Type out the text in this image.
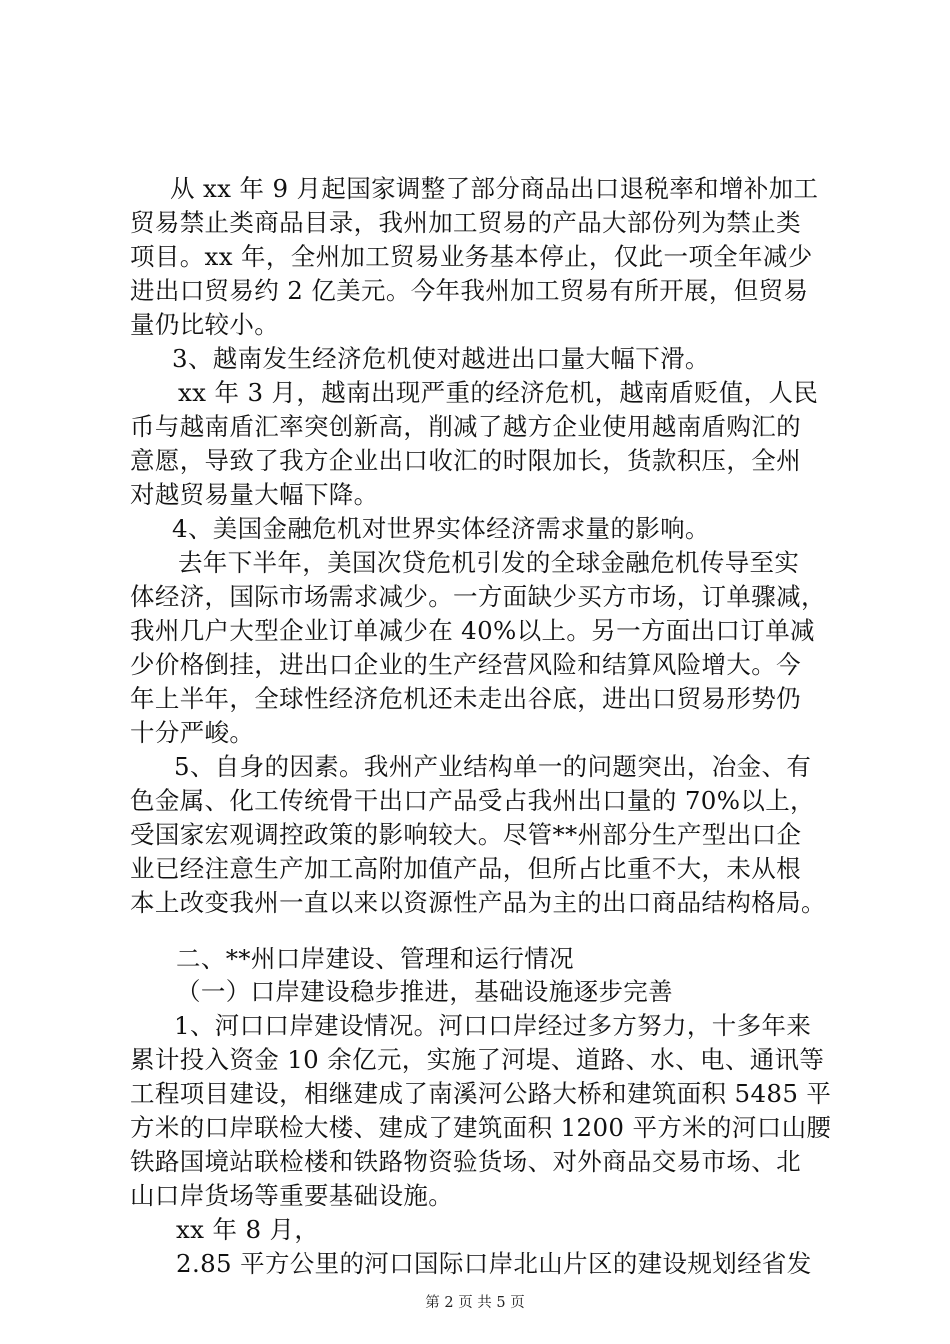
从 xx 年 9 月起国家调整了部分商品出口退税率和增补加工
贸易禁止类商品目录，我州加工贸易的产品大部份列为禁止类
项目。xx 年，全州加工贸易业务基本停止，仅此一项全年减少
进出口贸易约 2 亿美元。今年我州加工贸易有所开展，但贸易
量仍比较小。
3、越南发生经济危机使对越进出口量大幅下滑。
xx 年 3 月，越南出现严重的经济危机，越南盾贬值，人民
币与越南盾汇率突创新高，削减了越方企业使用越南盾购汇的
意愿，导致了我方企业出口收汇的时限加长，货款积压，全州
对越贸易量大幅下降。
4、美国金融危机对世界实体经济需求量的影响。
去年下半年，美国次贷危机引发的全球金融危机传导至实
体经济，国际市场需求减少。一方面缺少买方市场，订单骤减，
我州几户大型企业订单减少在 40%以上。另一方面出口订单减
少价格倒挂，进出口企业的生产经营风险和结算风险增大。今
年上半年，全球性经济危机还未走出谷底，进出口贸易形势仍
十分严峻。
5、自身的因素。我州产业结构单一的问题突出，冶金、有
色金属、化工传统骨干出口产品受占我州出口量的 70%以上，
受国家宏观调控政策的影响较大。尽管**州部分生产型出口企
业已经注意生产加工高附加值产品，但所占比重不大，未从根
本上改变我州一直以来以资源性产品为主的出口商品结构格局。
二、**州口岸建设、管理和运行情况
（一）口岸建设稳步推进，基础设施逐步完善
1、河口口岸建设情况。河口口岸经过多方努力，十多年来
累计投入资金 10 余亿元，实施了河堤、道路、水、电、通讯等
工程项目建设，相继建成了南溪河公路大桥和建筑面积 5485 平
方米的口岸联检大楼、建成了建筑面积 1200 平方米的河口山腰
铁路国境站联检楼和铁路物资验货场、对外商品交易市场、北
山口岸货场等重要基础设施。
xx 年 8 月，
2.85 平方公里的河口国际口岸北山片区的建设规划经省发
第 2 页 共 5 页
